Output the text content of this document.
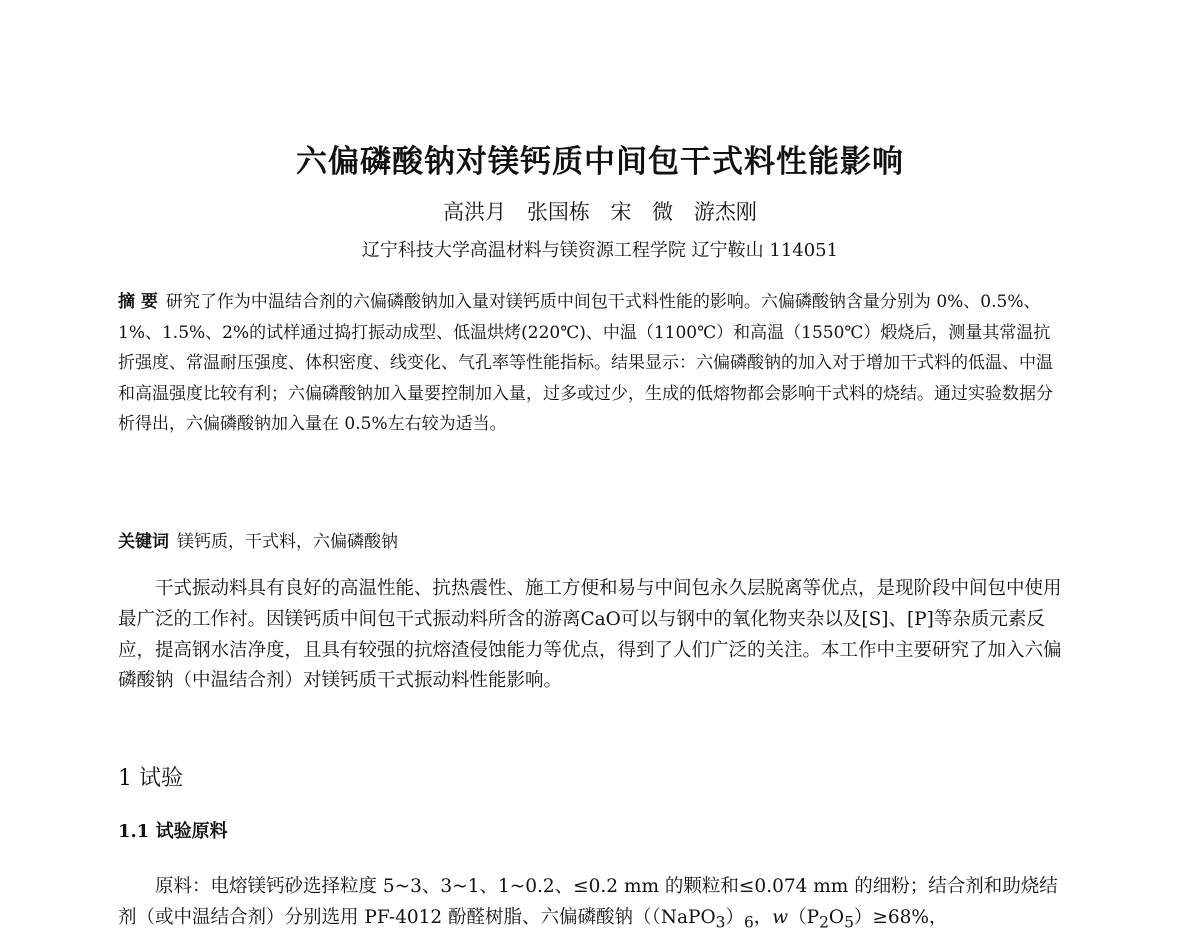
六偏磷酸钠对镁钙质中间包干式料性能影响
高洪月 张国栋 宋 微 游杰刚
辽宁科技大学高温材料与镁资源工程学院 辽宁鞍山 114051
摘 要 研究了作为中温结合剂的六偏磷酸钠加入量对镁钙质中间包干式料性能的影响。六偏磷酸钠含量分别为 0%、0.5%、1%、1.5%、2%的试样通过捣打振动成型、低温烘烤(220℃)、中温（1100℃）和高温（1550℃）煅烧后，测量其常温抗折强度、常温耐压强度、体积密度、线变化、气孔率等性能指标。结果显示：六偏磷酸钠的加入对于增加干式料的低温、中温和高温强度比较有利；六偏磷酸钠加入量要控制加入量，过多或过少，生成的低熔物都会影响干式料的烧结。通过实验数据分析得出，六偏磷酸钠加入量在 0.5%左右较为适当。
关键词 镁钙质，干式料，六偏磷酸钠
干式振动料具有良好的高温性能、抗热震性、施工方便和易与中间包永久层脱离等优点，是现阶段中间包中使用最广泛的工作衬。因镁钙质中间包干式振动料所含的游离CaO可以与钢中的氧化物夹杂以及[S]、[P]等杂质元素反应，提高钢水洁净度，且具有较强的抗熔渣侵蚀能力等优点，得到了人们广泛的关注。本工作中主要研究了加入六偏磷酸钠（中温结合剂）对镁钙质干式振动料性能影响。
1 试验
1.1 试验原料
原料：电熔镁钙砂选择粒度 5~3、3~1、1~0.2、≤0.2 mm 的颗粒和≤0.074 mm 的细粉；结合剂和助烧结剂（或中温结合剂）分别选用 PF-4012 酚醛树脂、六偏磷酸钠（$(NaPO_3)_6$，$w(P_2O_5)\ge 68\%$，
